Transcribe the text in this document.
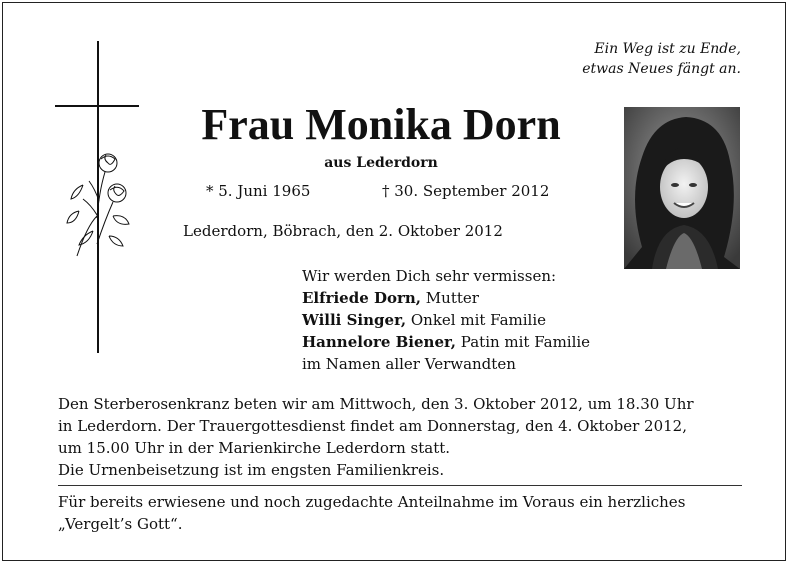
Ein Weg ist zu Ende,
etwas Neues fängt an.
Frau Monika Dorn
aus Lederdorn
* 5. Juni 1965	† 30. September 2012
Lederdorn, Böbrach, den 2. Oktober 2012
Wir werden Dich sehr vermissen:
Elfriede Dorn, Mutter
Willi Singer, Onkel mit Familie
Hannelore Biener, Patin mit Familie
im Namen aller Verwandten
Den Sterberosenkranz beten wir am Mittwoch, den 3. Oktober 2012, um 18.30 Uhr
in Lederdorn. Der Trauergottesdienst findet am Donnerstag, den 4. Oktober 2012,
um 15.00 Uhr in der Marienkirche Lederdorn statt.
Die Urnenbeisetzung ist im engsten Familienkreis.
Für bereits erwiesene und noch zugedachte Anteilnahme im Voraus ein herzliches
„Vergelt’s Gott“.
